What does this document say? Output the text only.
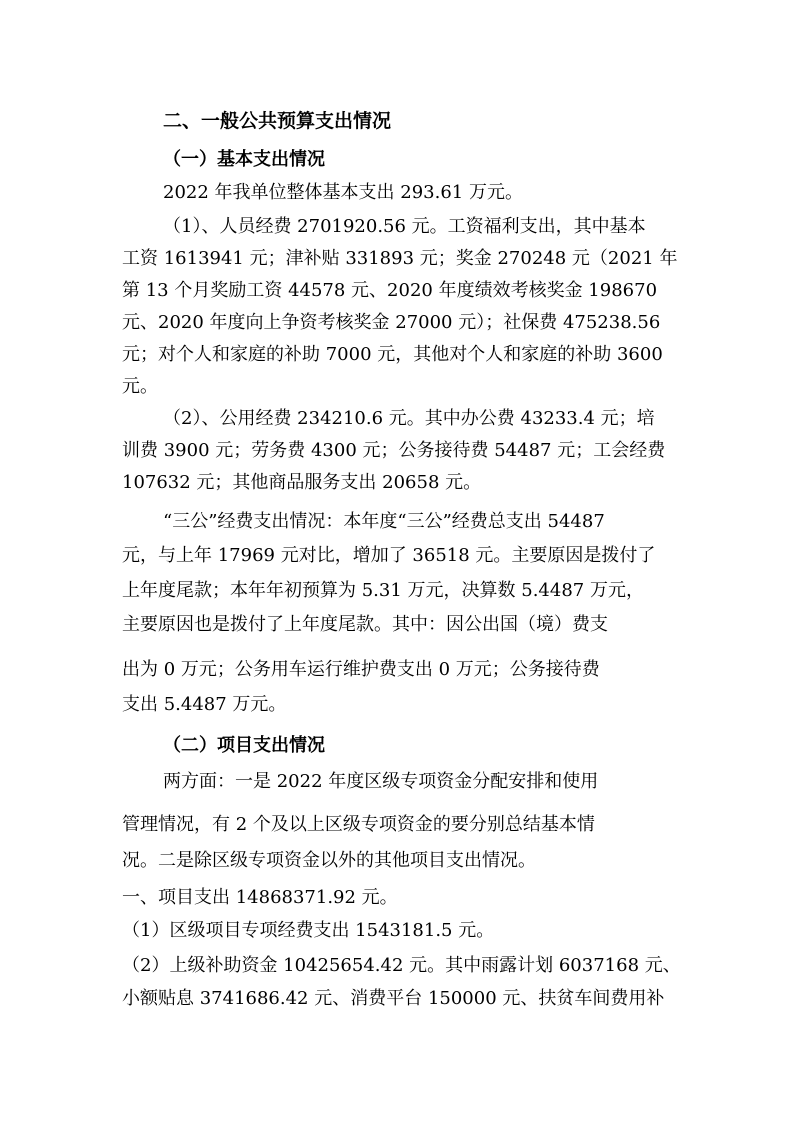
二、一般公共预算支出情况
（一）基本支出情况
2022 年我单位整体基本支出 293.61 万元。
（1）、人员经费 2701920.56 元。工资福利支出，其中基本
工资 1613941 元；津补贴 331893 元；奖金 270248 元（2021 年
第 13 个月奖励工资 44578 元、2020 年度绩效考核奖金 198670
元、2020 年度向上争资考核奖金 27000 元）；社保费 475238.56
元；对个人和家庭的补助 7000 元，其他对个人和家庭的补助 3600
元。
（2）、公用经费 234210.6 元。其中办公费 43233.4 元；培
训费 3900 元；劳务费 4300 元；公务接待费 54487 元；工会经费
107632 元；其他商品服务支出 20658 元。
“三公”经费支出情况：本年度“三公”经费总支出 54487
元，与上年 17969 元对比，增加了 36518 元。主要原因是拨付了
上年度尾款；本年年初预算为 5.31 万元，决算数 5.4487 万元，
主要原因也是拨付了上年度尾款。其中：因公出国（境）费支
出为 0 万元；公务用车运行维护费支出 0 万元；公务接待费
支出 5.4487 万元。
（二）项目支出情况
两方面：一是 2022 年度区级专项资金分配安排和使用
管理情况，有 2 个及以上区级专项资金的要分别总结基本情
况。二是除区级专项资金以外的其他项目支出情况。
一、项目支出 14868371.92 元。
（1）区级项目专项经费支出 1543181.5 元。
（2）上级补助资金 10425654.42 元。其中雨露计划 6037168 元、
小额贴息 3741686.42 元、消费平台 150000 元、扶贫车间费用补
